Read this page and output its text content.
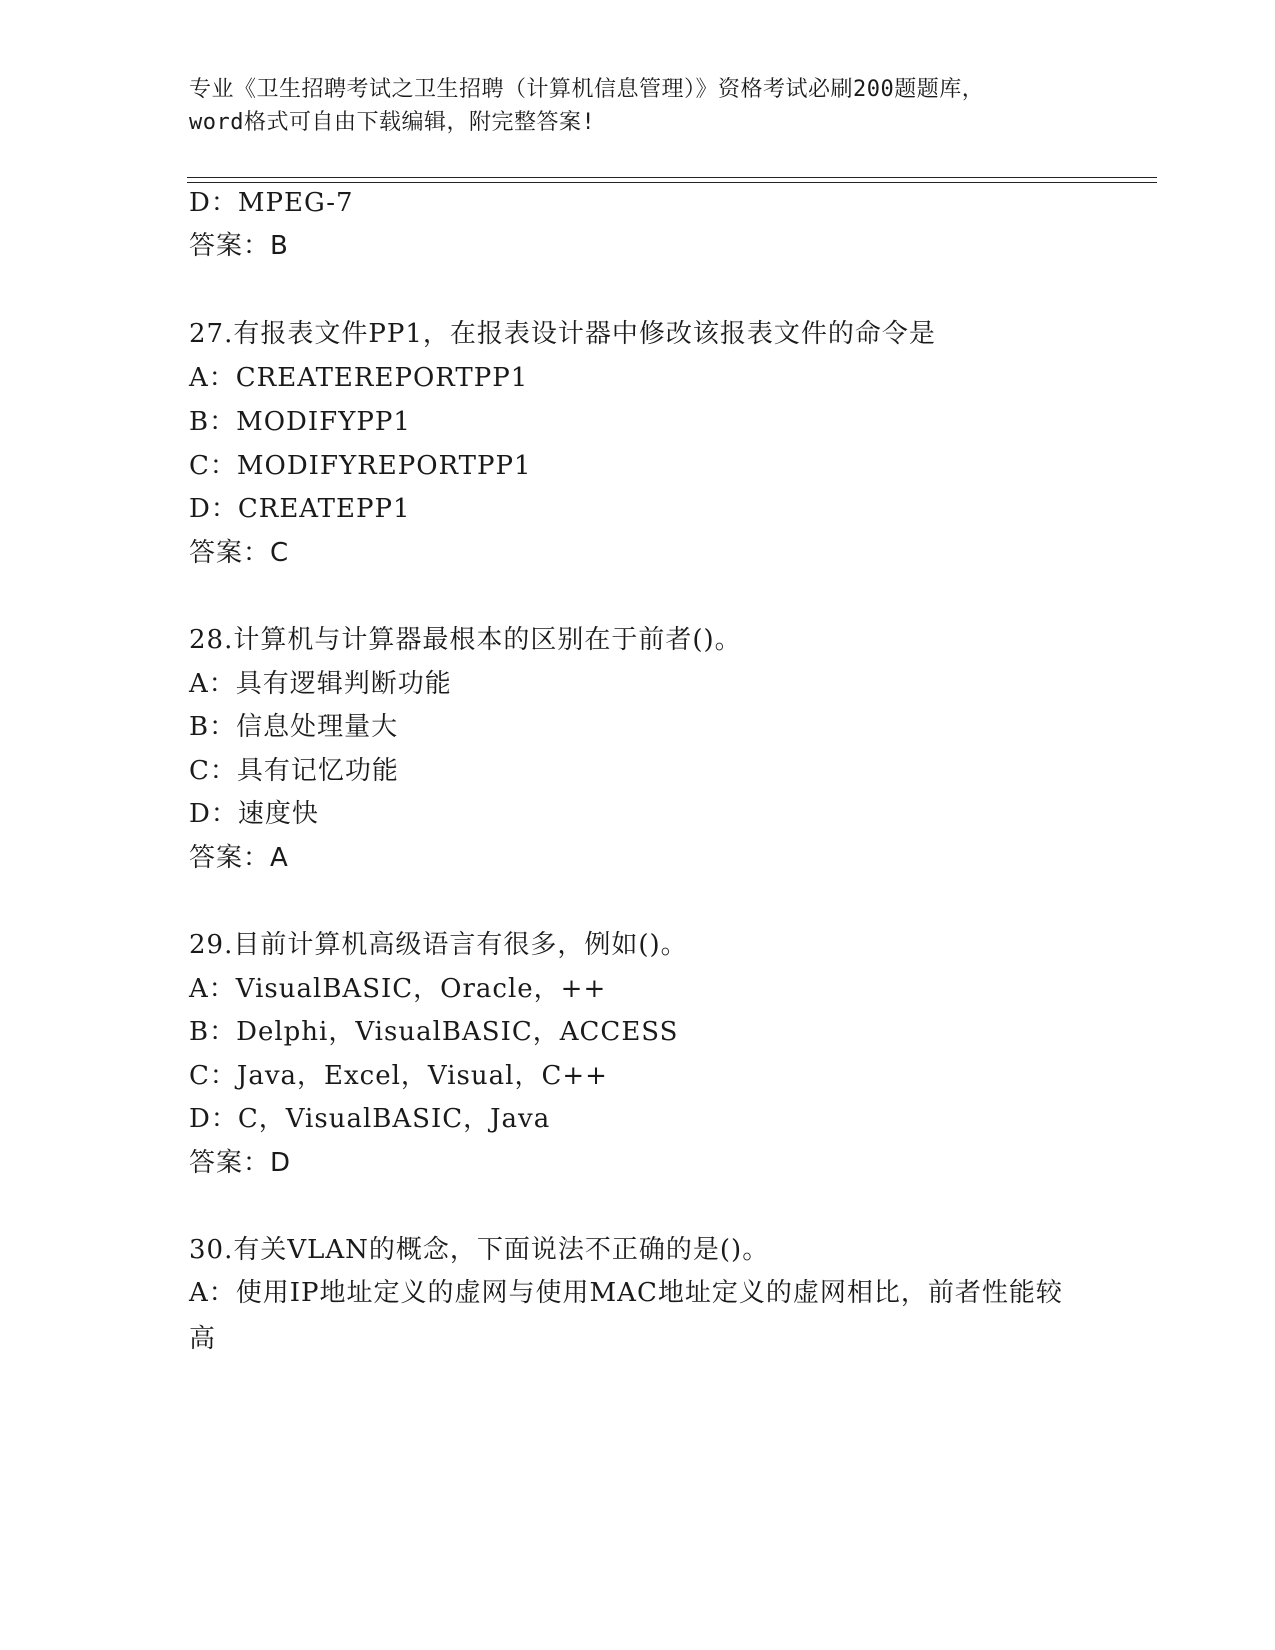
专业《卫生招聘考试之卫生招聘（计算机信息管理）》资格考试必刷200题题库，
word格式可自由下载编辑，附完整答案!
D：MPEG-7
答案：B
27.有报表文件PP1，在报表设计器中修改该报表文件的命令是
A：CREATEREPORTPP1
B：MODIFYPP1
C：MODIFYREPORTPP1
D：CREATEPP1
答案：C
28.计算机与计算器最根本的区别在于前者()。
A：具有逻辑判断功能
B：信息处理量大
C：具有记忆功能
D：速度快
答案：A
29.目前计算机高级语言有很多，例如()。
A：VisualBASIC，Oracle，++
B：Delphi，VisualBASIC，ACCESS
C：Java，Excel，Visual，C++
D：C，VisualBASIC，Java
答案：D
30.有关VLAN的概念，下面说法不正确的是()。
A：使用IP地址定义的虚网与使用MAC地址定义的虚网相比，前者性能较高
